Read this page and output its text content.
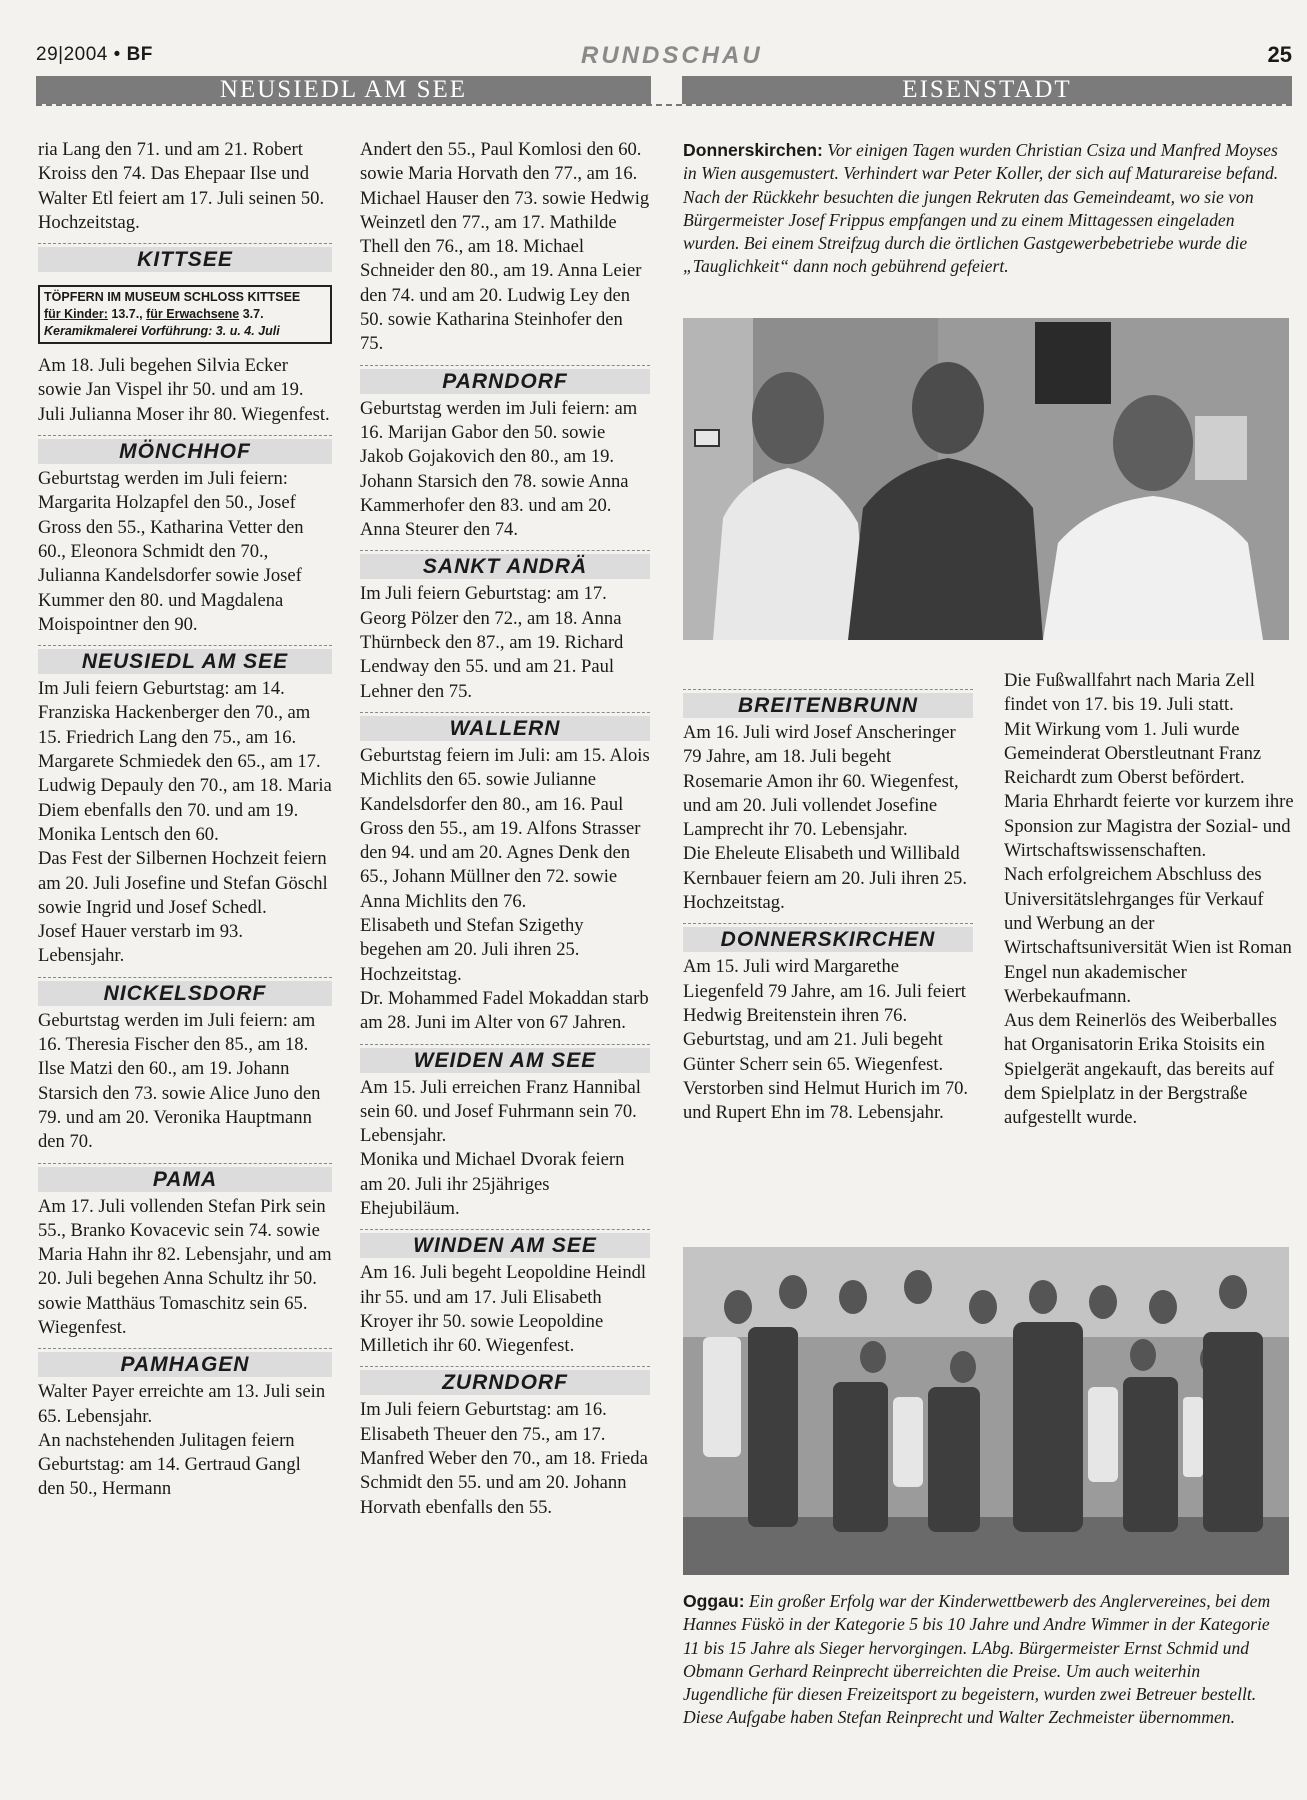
29|2004 • BF	RUNDSCHAU	25
NEUSIEDL AM SEE	EISENSTADT

ria Lang den 71. und am 21. Robert Kroiss den 74. Das Ehepaar Ilse und Walter Etl feiert am 17. Juli seinen 50. Hochzeitstag.

KITTSEE
TÖPFERN IM MUSEUM SCHLOSS KITTSEE
für Kinder: 13.7., für Erwachsene 3.7.
Keramikmalerei Vorführung: 3. u. 4. Juli

Am 18. Juli begehen Silvia Ecker sowie Jan Vispel ihr 50. und am 19. Juli Julianna Moser ihr 80. Wiegenfest.

MÖNCHHOF

Geburtstag werden im Juli feiern: Margarita Holzapfel den 50., Josef Gross den 55., Katharina Vetter den 60., Eleonora Schmidt den 70., Julianna Kandelsdorfer sowie Josef Kummer den 80. und Magdalena Moispointner den 90.

NEUSIEDL AM SEE

Im Juli feiern Geburtstag: am 14. Franziska Hackenberger den 70., am 15. Friedrich Lang den 75., am 16. Margarete Schmiedek den 65., am 17. Ludwig Depauly den 70., am 18. Maria Diem ebenfalls den 70. und am 19. Monika Lentsch den 60.

Das Fest der Silbernen Hochzeit feiern am 20. Juli Josefine und Stefan Göschl sowie Ingrid und Josef Schedl.

Josef Hauer verstarb im 93. Lebensjahr.

NICKELSDORF

Geburtstag werden im Juli feiern: am 16. Theresia Fischer den 85., am 18. Ilse Matzi den 60., am 19. Johann Starsich den 73. sowie Alice Juno den 79. und am 20. Veronika Hauptmann den 70.

PAMA

Am 17. Juli vollenden Stefan Pirk sein 55., Branko Kovacevic sein 74. sowie Maria Hahn ihr 82. Lebensjahr, und am 20. Juli begehen Anna Schultz ihr 50. sowie Matthäus Tomaschitz sein 65. Wiegenfest.

PAMHAGEN

Walter Payer erreichte am 13. Juli sein 65. Lebensjahr.

An nachstehenden Julitagen feiern Geburtstag: am 14. Gertraud Gangl den 50., Hermann

Andert den 55., Paul Komlosi den 60. sowie Maria Horvath den 77., am 16. Michael Hauser den 73. sowie Hedwig Weinzetl den 77., am 17. Mathilde Thell den 76., am 18. Michael Schneider den 80., am 19. Anna Leier den 74. und am 20. Ludwig Ley den 50. sowie Katharina Steinhofer den 75.

PARNDORF

Geburtstag werden im Juli feiern: am 16. Marijan Gabor den 50. sowie Jakob Gojakovich den 80., am 19. Johann Starsich den 78. sowie Anna Kammerhofer den 83. und am 20. Anna Steurer den 74.

SANKT ANDRÄ

Im Juli feiern Geburtstag: am 17. Georg Pölzer den 72., am 18. Anna Thürnbeck den 87., am 19. Richard Lendway den 55. und am 21. Paul Lehner den 75.

WALLERN

Geburtstag feiern im Juli: am 15. Alois Michlits den 65. sowie Julianne Kandelsdorfer den 80., am 16. Paul Gross den 55., am 19. Alfons Strasser den 94. und am 20. Agnes Denk den 65., Johann Müllner den 72. sowie Anna Michlits den 76.

Elisabeth und Stefan Szigethy begehen am 20. Juli ihren 25. Hochzeitstag.

Dr. Mohammed Fadel Mokaddan starb am 28. Juni im Alter von 67 Jahren.

WEIDEN AM SEE

Am 15. Juli erreichen Franz Hannibal sein 60. und Josef Fuhrmann sein 70. Lebensjahr.

Monika und Michael Dvorak feiern am 20. Juli ihr 25jähriges Ehejubiläum.

WINDEN AM SEE

Am 16. Juli begeht Leopoldine Heindl ihr 55. und am 17. Juli Elisabeth Kroyer ihr 50. sowie Leopoldine Milletich ihr 60. Wiegenfest.

ZURNDORF

Im Juli feiern Geburtstag: am 16. Elisabeth Theuer den 75., am 17. Manfred Weber den 70., am 18. Frieda Schmidt den 55. und am 20. Johann Horvath ebenfalls den 55.

Donnerskirchen: Vor einigen Tagen wurden Christian Csiza und Manfred Moyses in Wien ausgemustert. Verhindert war Peter Koller, der sich auf Maturareise befand. Nach der Rückkehr besuchten die jungen Rekruten das Gemeindeamt, wo sie von Bürgermeister Josef Frippus empfangen und zu einem Mittagessen eingeladen wurden. Bei einem Streifzug durch die örtlichen Gastgewerbebetriebe wurde die „Tauglichkeit“ dann noch gebührend gefeiert.
BREITENBRUNN

Am 16. Juli wird Josef Anscheringer 79 Jahre, am 18. Juli begeht Rosemarie Amon ihr 60. Wiegenfest, und am 20. Juli vollendet Josefine Lamprecht ihr 70. Lebensjahr.

Die Eheleute Elisabeth und Willibald Kernbauer feiern am 20. Juli ihren 25. Hochzeitstag.

DONNERSKIRCHEN

Am 15. Juli wird Margarethe Liegenfeld 79 Jahre, am 16. Juli feiert Hedwig Breitenstein ihren 76. Geburtstag, und am 21. Juli begeht Günter Scherr sein 65. Wiegenfest.

Verstorben sind Helmut Hurich im 70. und Rupert Ehn im 78. Lebensjahr.

Die Fußwallfahrt nach Maria Zell findet von 17. bis 19. Juli statt.

Mit Wirkung vom 1. Juli wurde Gemeinderat Oberstleutnant Franz Reichardt zum Oberst befördert.

Maria Ehrhardt feierte vor kurzem ihre Sponsion zur Magistra der Sozial- und Wirtschaftswissenschaften.

Nach erfolgreichem Abschluss des Universitätslehrganges für Verkauf und Werbung an der Wirtschaftsuniversität Wien ist Roman Engel nun akademischer Werbekaufmann.

Aus dem Reinerlös des Weiberballes hat Organisatorin Erika Stoisits ein Spielgerät angekauft, das bereits auf dem Spielplatz in der Bergstraße aufgestellt wurde.

Oggau: Ein großer Erfolg war der Kinderwettbewerb des Anglervereines, bei dem Hannes Füskö in der Kategorie 5 bis 10 Jahre und Andre Wimmer in der Kategorie 11 bis 15 Jahre als Sieger hervorgingen. LAbg. Bürgermeister Ernst Schmid und Obmann Gerhard Reinprecht überreichten die Preise. Um auch weiterhin Jugendliche für diesen Freizeitsport zu begeistern, wurden zwei Betreuer bestellt. Diese Aufgabe haben Stefan Reinprecht und Walter Zechmeister übernommen.
